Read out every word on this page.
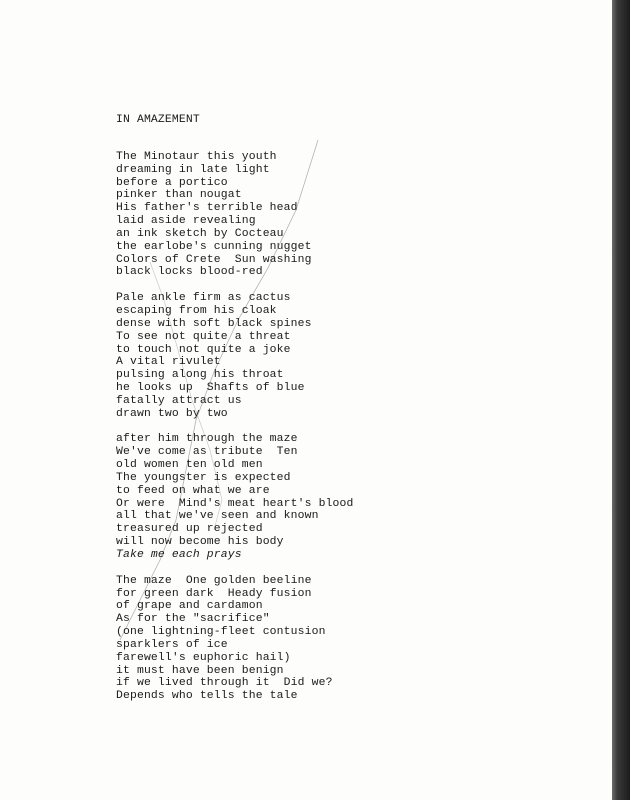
IN AMAZEMENT
The Minotaur this youth
dreaming in late light
before a portico
pinker than nougat
His father's terrible head
laid aside revealing
an ink sketch by Cocteau
the earlobe's cunning nugget
Colors of Crete  Sun washing
black locks blood-red
Pale ankle firm as cactus
escaping from his cloak
dense with soft black spines
To see not quite a threat
to touch not quite a joke
A vital rivulet
pulsing along his throat
he looks up  Shafts of blue
fatally attract us
drawn two by two
after him through the maze
We've come as tribute  Ten
old women ten old men
The youngster is expected
to feed on what we are
Or were  Mind's meat heart's blood
all that we've seen and known
treasured up rejected
will now become his body
Take me each prays
The maze  One golden beeline
for green dark  Heady fusion
of grape and cardamon
As for the "sacrifice"
(one lightning-fleet contusion
sparklers of ice
farewell's euphoric hail)
it must have been benign
if we lived through it  Did we?
Depends who tells the tale
